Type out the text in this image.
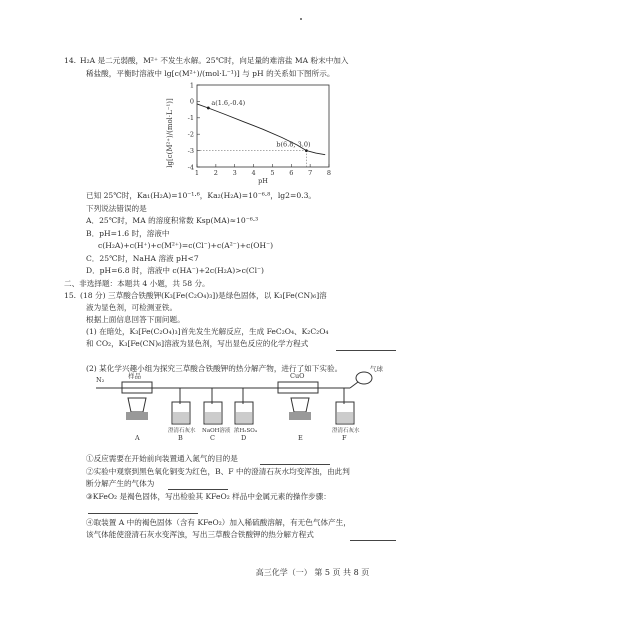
14. H₂A 是二元弱酸，M²⁺ 不发生水解。25℃时，向足量的难溶盐 MA 粉末中加入
稀盐酸，平衡时溶液中 lg[c(M²⁺)/(mol·L⁻¹)] 与 pH 的关系如下图所示。
lg[c(M²⁺)/(mol·L⁻¹)]
1 2 3 4 5 6 7 8
1
0
-1
-2
-3
-4
pH
a(1.6,-0.4)
b(6.8,-3.0)
已知 25℃时，Ka₁(H₂A)=10⁻¹·⁶，Ka₂(H₂A)=10⁻⁶·⁸，lg2=0.3。
下列说法错误的是
A．25℃时，MA 的溶度积常数 Ksp(MA)≈10⁻⁶·³
B．pH=1.6 时，溶液中
c(H₂A)+c(H⁺)+c(M²⁺)=c(Cl⁻)+c(A²⁻)+c(OH⁻)
C．25℃时，NaHA 溶液 pH<7
D．pH=6.8 时，溶液中 c(HA⁻)+2c(H₂A)>c(Cl⁻)
二、非选择题：本题共 4 小题，共 58 分。
15. (18 分) 三草酸合铁酸钾(K₃[Fe(C₂O₄)₃])是绿色固体，以 K₃[Fe(CN)₆]溶
液为显色剂，可检测亚铁。
根据上面信息回答下面问题。
(1) 在暗处，K₃[Fe(C₂O₄)₃]首先发生光解反应，生成 FeC₂O₄、K₂C₂O₄
和 CO₂，K₃[Fe(CN)₆]溶液为显色剂，写出显色反应的化学方程式
(2) 某化学兴趣小组为探究三草酸合铁酸钾的热分解产物，进行了如下实验。
N₂	样品	CuO
气球
澄清石灰水 NaOH溶液 浓H₂SO₄	澄清石灰水
A	B	C	D	E	F
①反应需要在开始前向装置通入氮气的目的是
②实验中观察到黑色氧化铜变为红色，B、F 中的澄清石灰水均变浑浊，由此判
断分解产生的气体为
③KFeO₂ 是褐色固体，写出检验其 KFeO₂ 样品中金属元素的操作步骤：
④取装置 A 中的褐色固体（含有 KFeO₂）加入稀硫酸溶解，有无色气体产生，
该气体能使澄清石灰水变浑浊，写出三草酸合铁酸钾的热分解方程式
高三化学（一） 第 5 页 共 8 页
